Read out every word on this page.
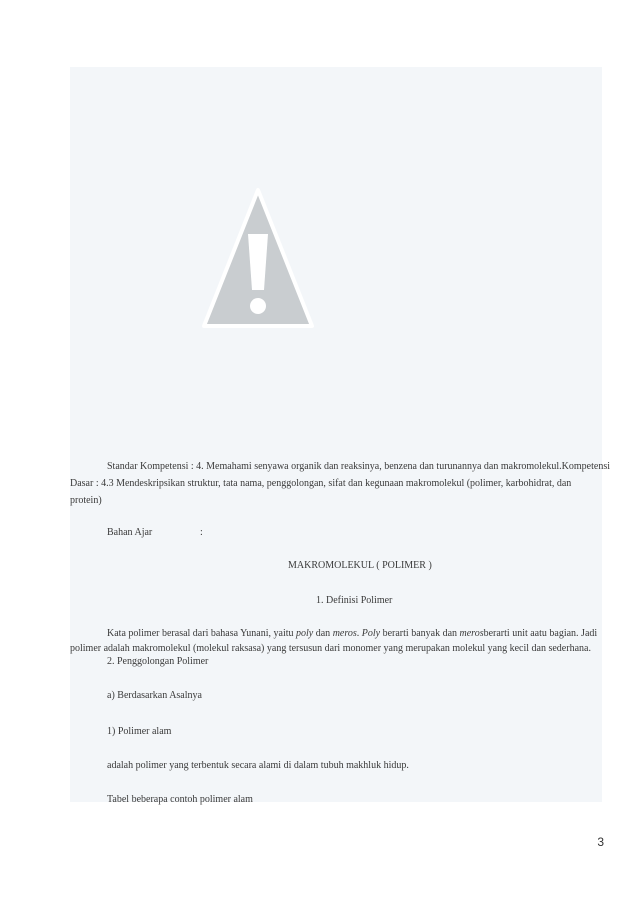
Standar Kompetensi : 4. Memahami senyawa organik dan reaksinya, benzena dan turunannya dan makromolekul.Kompetensi
Dasar : 4.3 Mendeskripsikan struktur, tata nama, penggolongan, sifat dan kegunaan makromolekul (polimer, karbohidrat, dan
protein)
Bahan Ajar	:
MAKROMOLEKUL ( POLIMER )
1. Definisi Polimer
Kata polimer berasal dari bahasa Yunani, yaitu poly dan meros. Poly berarti banyak dan merosberarti unit aatu bagian. Jadi
polimer adalah makromolekul (molekul raksasa) yang tersusun dari monomer yang merupakan molekul yang kecil dan sederhana.
2. Penggolongan Polimer
a) Berdasarkan Asalnya
1) Polimer alam
adalah polimer yang terbentuk secara alami di dalam tubuh makhluk hidup.
Tabel beberapa contoh polimer alam
3
